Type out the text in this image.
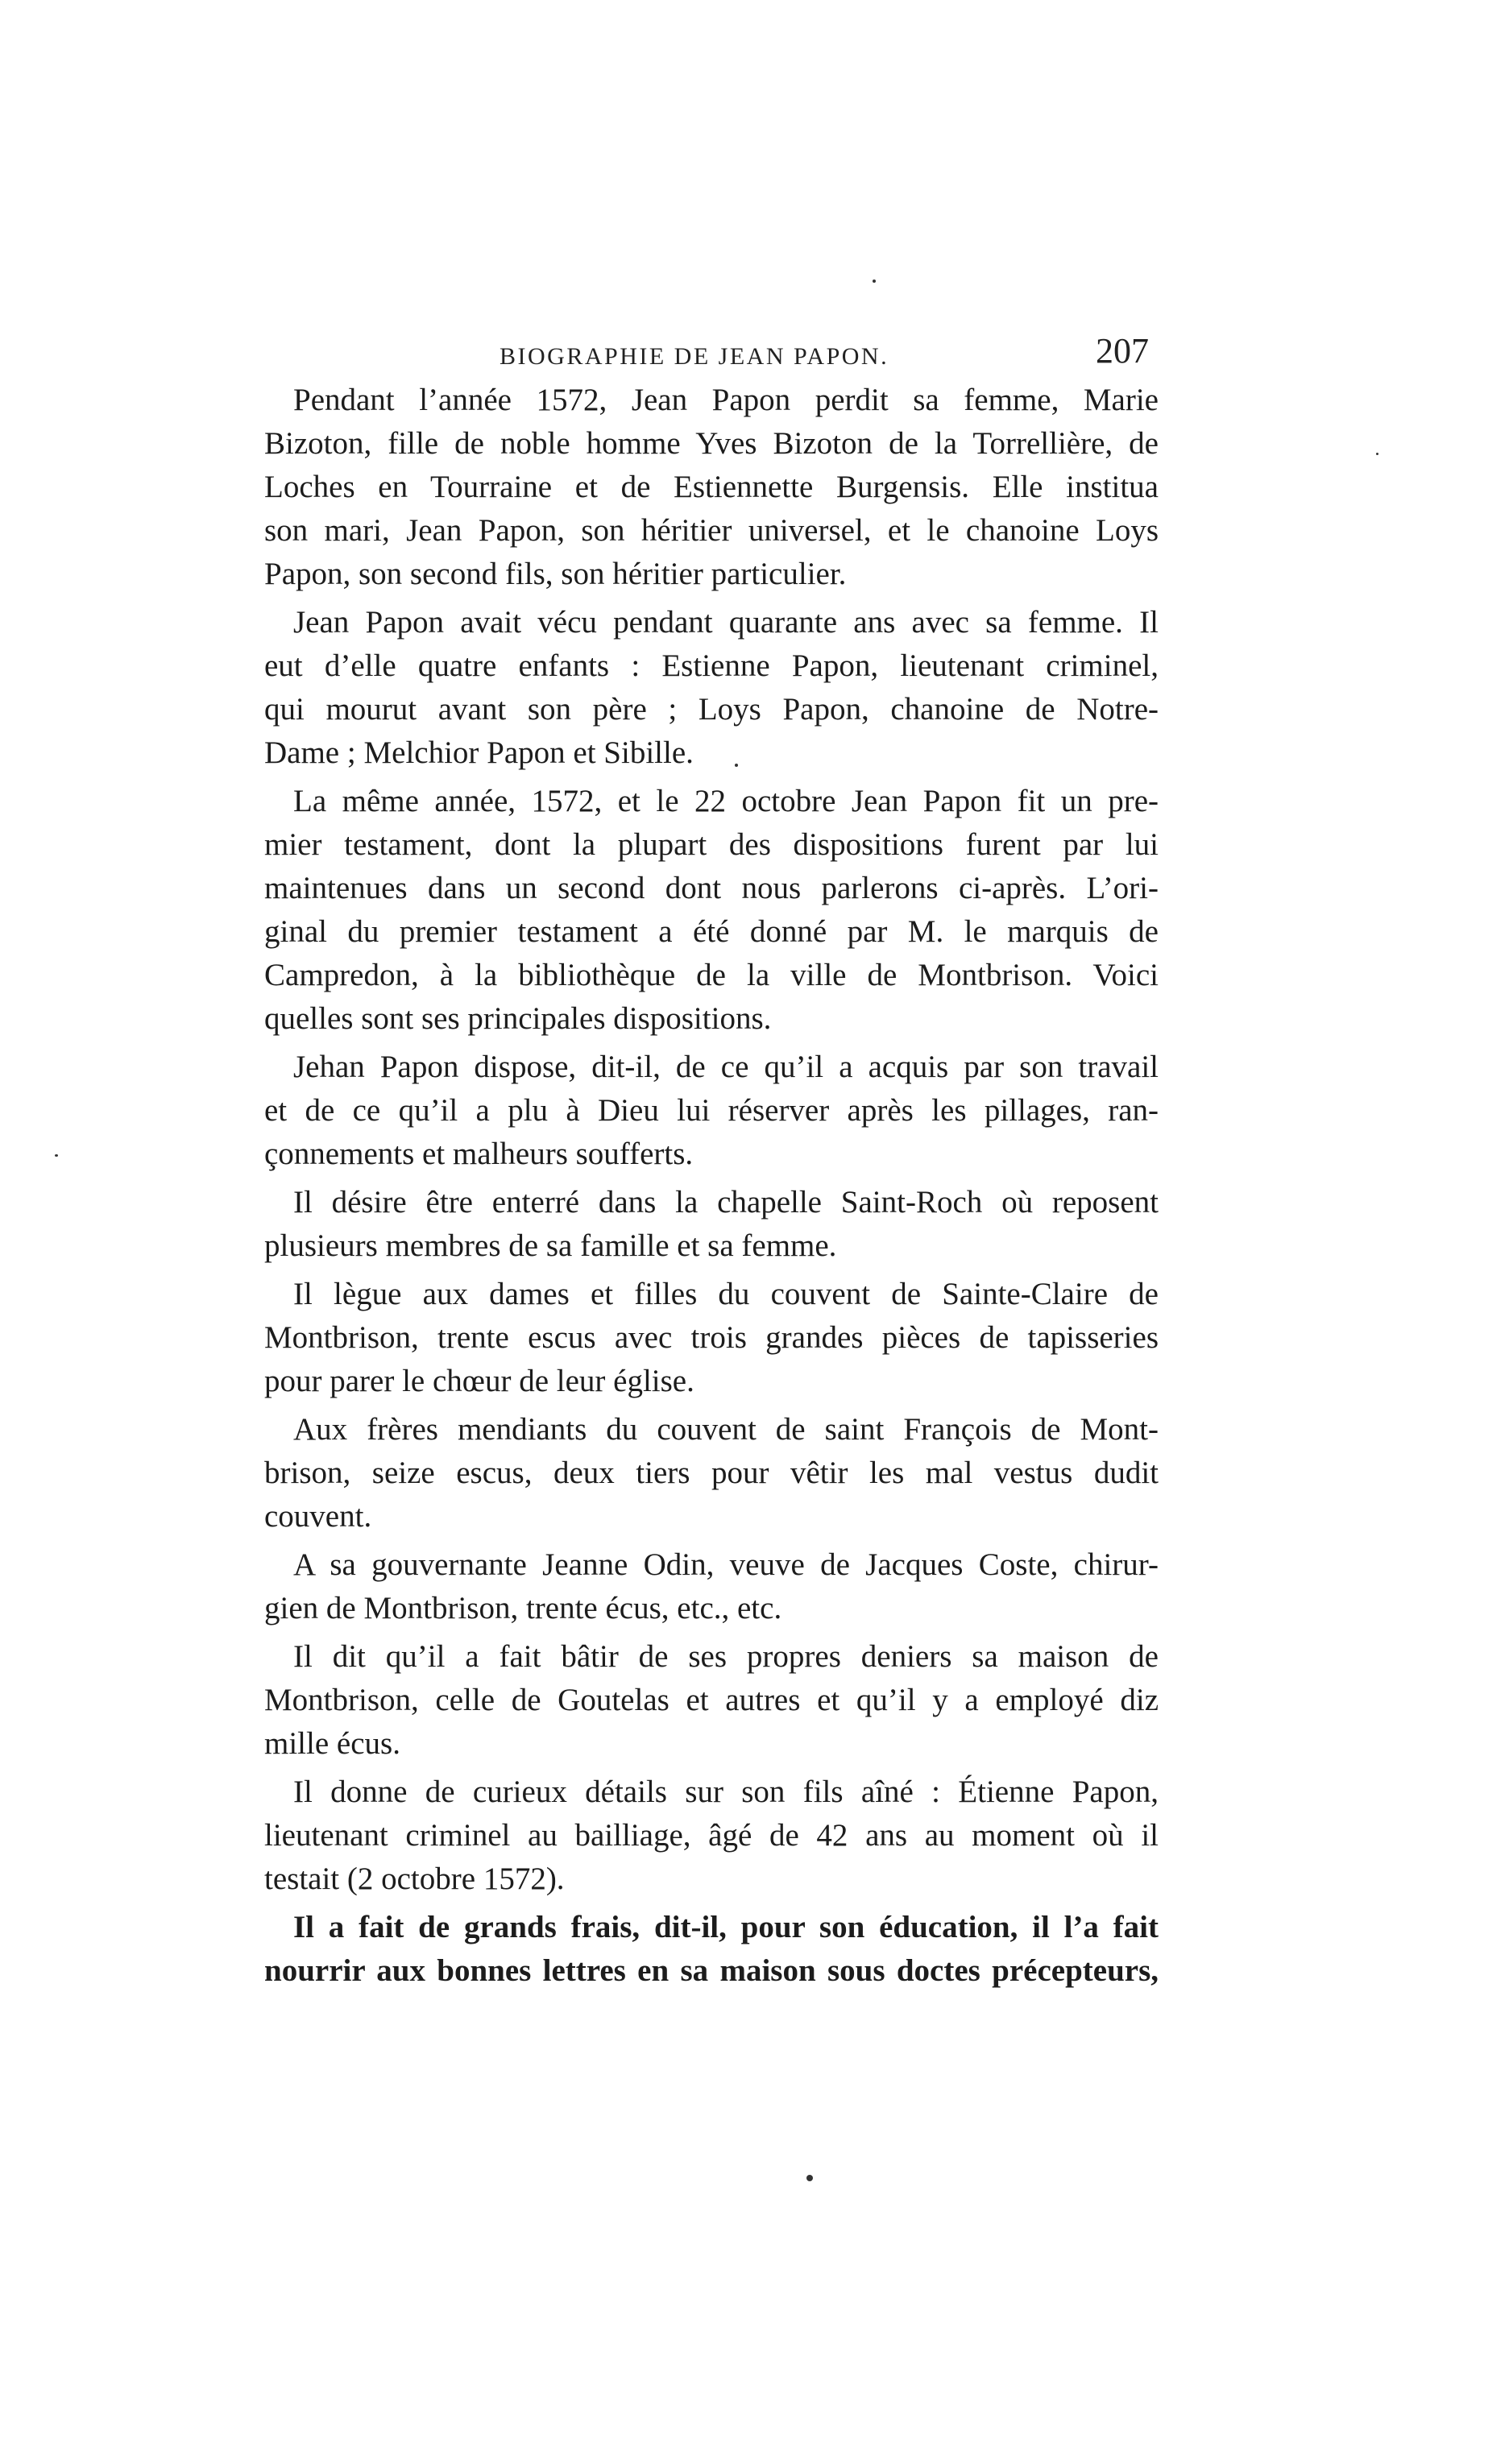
BIOGRAPHIE DE JEAN PAPON.	207
Pendant l’année 1572, Jean Papon perdit sa femme, Marie
Bizoton, fille de noble homme Yves Bizoton de la Torrellière, de
Loches en Tourraine et de Estiennette Burgensis. Elle institua
son mari, Jean Papon, son héritier universel, et le chanoine Loys
Papon, son second fils, son héritier particulier.
Jean Papon avait vécu pendant quarante ans avec sa femme. Il
eut d’elle quatre enfants : Estienne Papon, lieutenant criminel,
qui mourut avant son père ; Loys Papon, chanoine de Notre-
Dame ; Melchior Papon et Sibille.
La même année, 1572, et le 22 octobre Jean Papon fit un pre-
mier testament, dont la plupart des dispositions furent par lui
maintenues dans un second dont nous parlerons ci-après. L’ori-
ginal du premier testament a été donné par M. le marquis de
Campredon, à la bibliothèque de la ville de Montbrison. Voici
quelles sont ses principales dispositions.
Jehan Papon dispose, dit-il, de ce qu’il a acquis par son travail
et de ce qu’il a plu à Dieu lui réserver après les pillages, ran-
çonnements et malheurs soufferts.
Il désire être enterré dans la chapelle Saint-Roch où reposent
plusieurs membres de sa famille et sa femme.
Il lègue aux dames et filles du couvent de Sainte-Claire de
Montbrison, trente escus avec trois grandes pièces de tapisseries
pour parer le chœur de leur église.
Aux frères mendiants du couvent de saint François de Mont-
brison, seize escus, deux tiers pour vêtir les mal vestus dudit
couvent.
A sa gouvernante Jeanne Odin, veuve de Jacques Coste, chirur-
gien de Montbrison, trente écus, etc., etc.
Il dit qu’il a fait bâtir de ses propres deniers sa maison de
Montbrison, celle de Goutelas et autres et qu’il y a employé diz
mille écus.
Il donne de curieux détails sur son fils aîné : Étienne Papon,
lieutenant criminel au bailliage, âgé de 42 ans au moment où il
testait (2 octobre 1572).
Il a fait de grands frais, dit-il, pour son éducation, il l’a fait
nourrir aux bonnes lettres en sa maison sous doctes précepteurs,
